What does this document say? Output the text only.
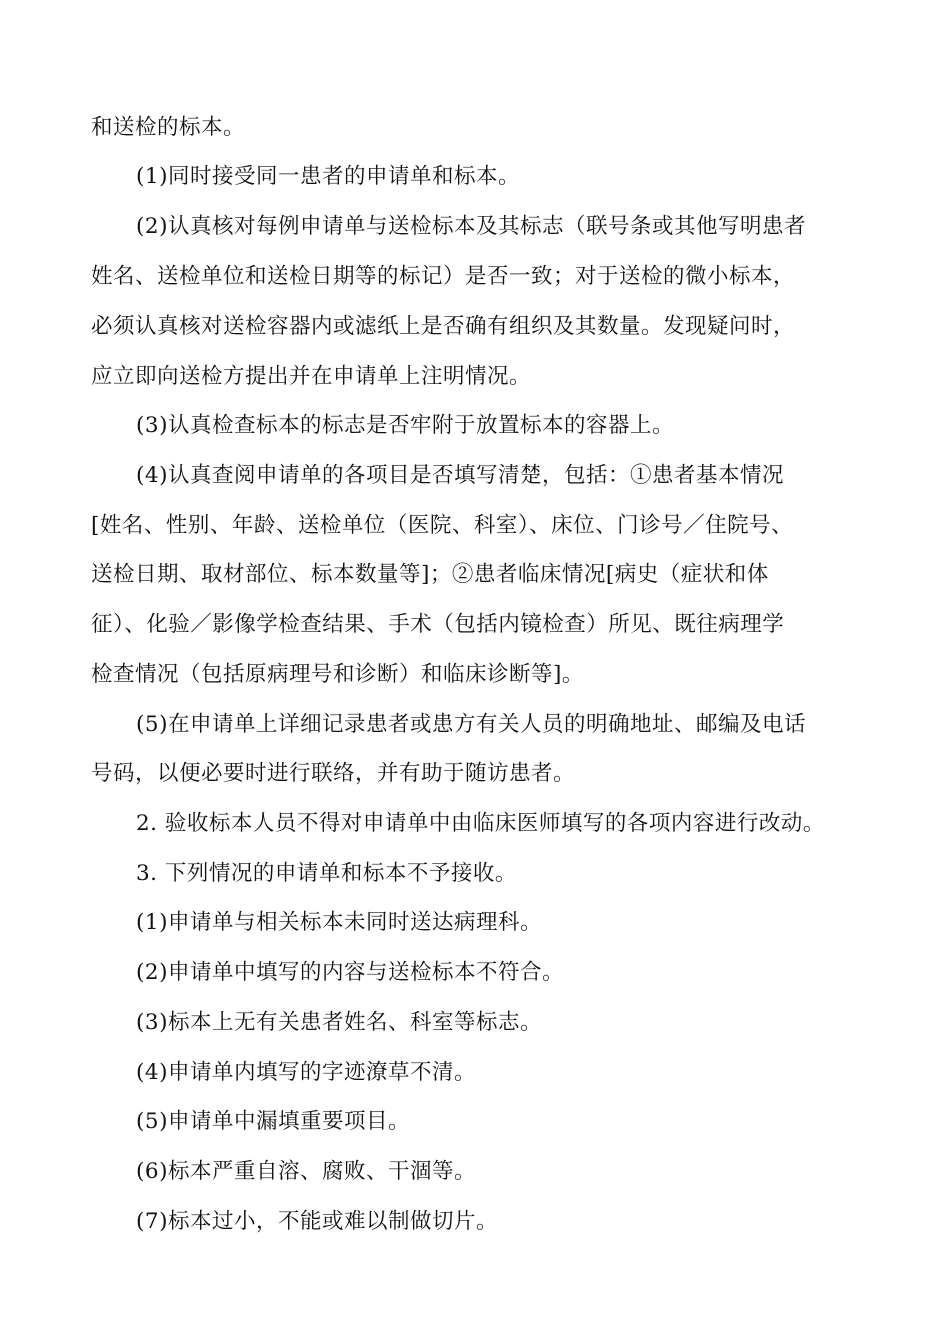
和送检的标本。
(1)同时接受同一患者的申请单和标本。
(2)认真核对每例申请单与送检标本及其标志（联号条或其他写明患者
姓名、送检单位和送检日期等的标记）是否一致；对于送检的微小标本，
必须认真核对送检容器内或滤纸上是否确有组织及其数量。发现疑问时，
应立即向送检方提出并在申请单上注明情况。
(3)认真检查标本的标志是否牢附于放置标本的容器上。
(4)认真查阅申请单的各项目是否填写清楚，包括：①患者基本情况
[姓名、性别、年龄、送检单位（医院、科室）、床位、门诊号／住院号、
送检日期、取材部位、标本数量等]；②患者临床情况[病史（症状和体
征）、化验／影像学检查结果、手术（包括内镜检查）所见、既往病理学
检查情况（包括原病理号和诊断）和临床诊断等]。
(5)在申请单上详细记录患者或患方有关人员的明确地址、邮编及电话
号码，以便必要时进行联络，并有助于随访患者。
2. 验收标本人员不得对申请单中由临床医师填写的各项内容进行改动。
3. 下列情况的申请单和标本不予接收。
(1)申请单与相关标本未同时送达病理科。
(2)申请单中填写的内容与送检标本不符合。
(3)标本上无有关患者姓名、科室等标志。
(4)申请单内填写的字迹潦草不清。
(5)申请单中漏填重要项目。
(6)标本严重自溶、腐败、干涸等。
(7)标本过小，不能或难以制做切片。
